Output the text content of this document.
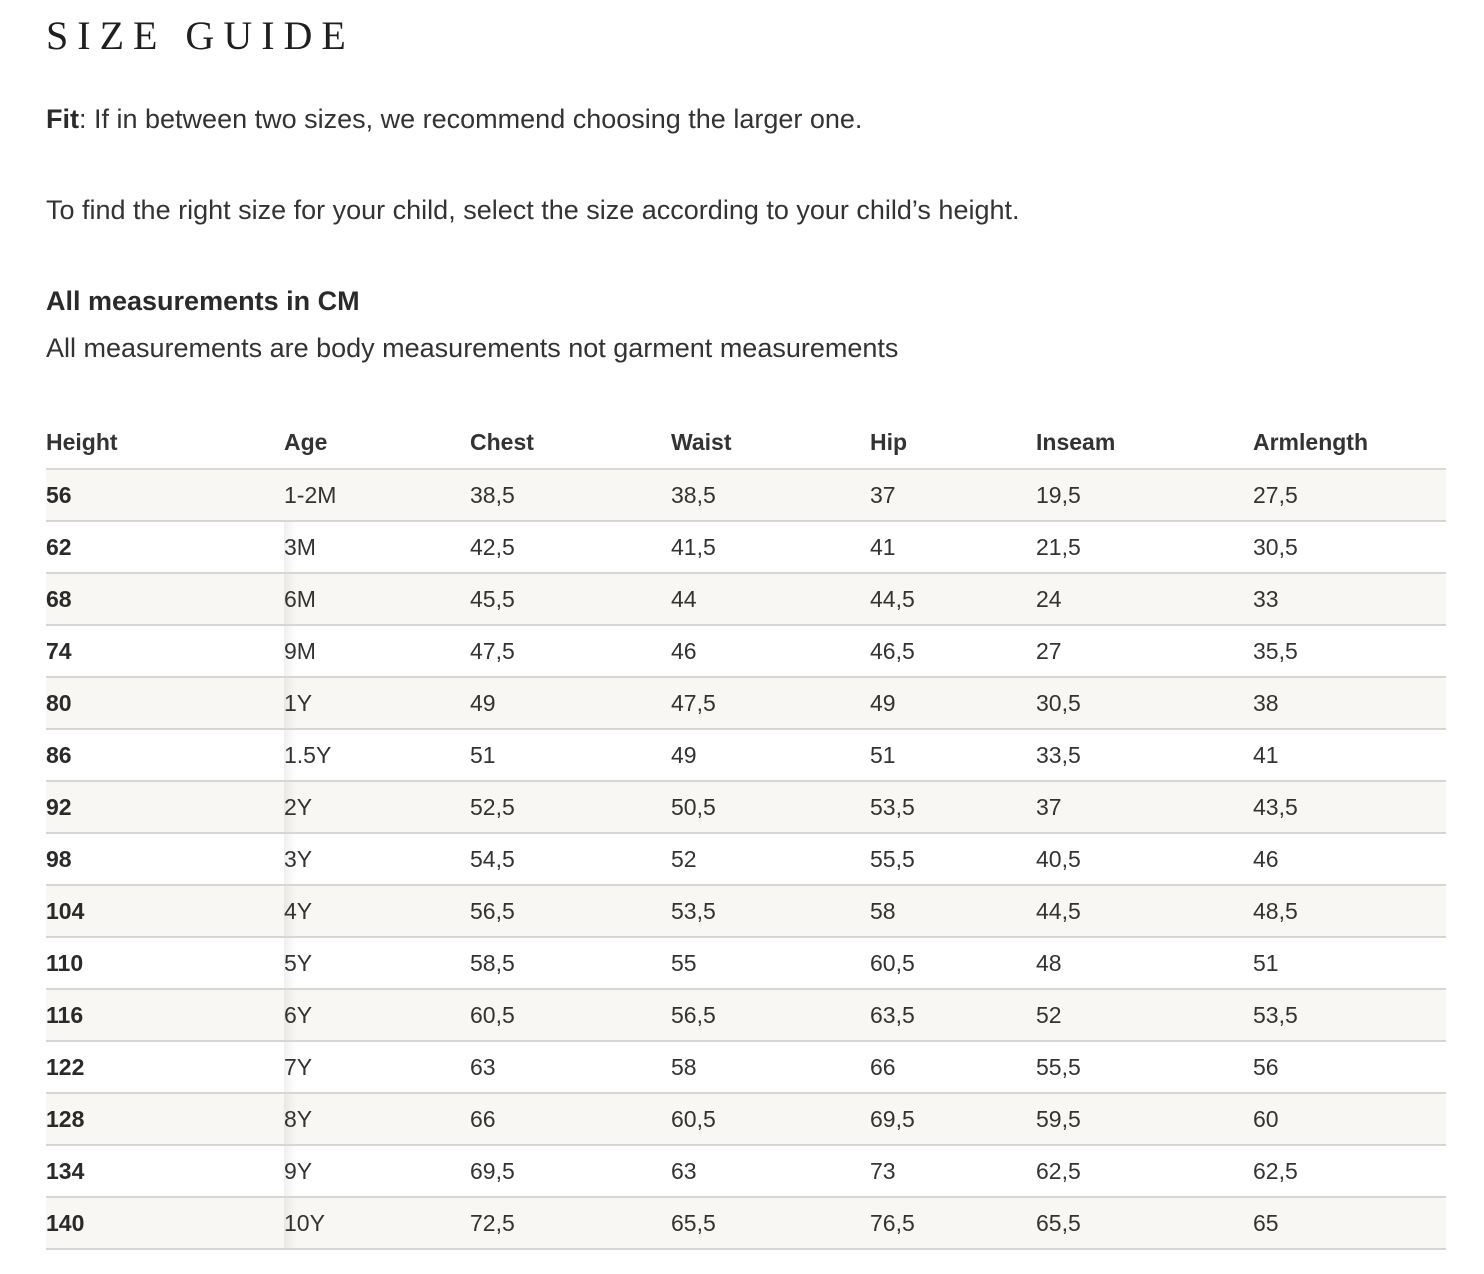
SIZE GUIDE

Fit: If in between two sizes, we recommend choosing the larger one.

To find the right size for your child, select the size according to your child’s height.

All measurements in CM

All measurements are body measurements not garment measurements

Height	Age	Chest	Waist	Hip	Inseam	Armlength
56	1-2M	38,5	38,5	37	19,5	27,5
62	3M	42,5	41,5	41	21,5	30,5
68	6M	45,5	44	44,5	24	33
74	9M	47,5	46	46,5	27	35,5
80	1Y	49	47,5	49	30,5	38
86	1.5Y	51	49	51	33,5	41
92	2Y	52,5	50,5	53,5	37	43,5
98	3Y	54,5	52	55,5	40,5	46
104	4Y	56,5	53,5	58	44,5	48,5
110	5Y	58,5	55	60,5	48	51
116	6Y	60,5	56,5	63,5	52	53,5
122	7Y	63	58	66	55,5	56
128	8Y	66	60,5	69,5	59,5	60
134	9Y	69,5	63	73	62,5	62,5
140	10Y	72,5	65,5	76,5	65,5	65
